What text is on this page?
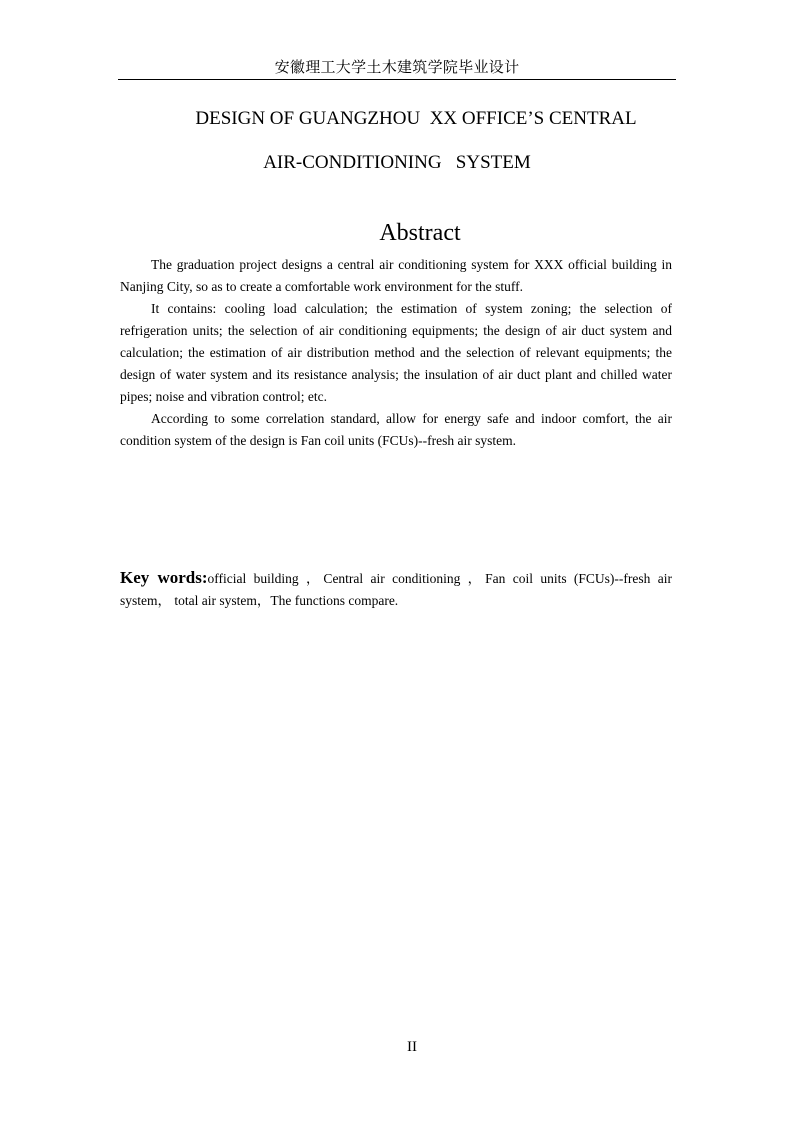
安徽理工大学土木建筑学院毕业设计
DESIGN OF GUANGZHOU  XX OFFICE’S CENTRAL
AIR-CONDITIONING   SYSTEM
Abstract

The graduation project designs a central air conditioning system for XXX official building in Nanjing City, so as to create a comfortable work environment for the stuff.

It contains: cooling load calculation; the estimation of system zoning; the selection of refrigeration units; the selection of air conditioning equipments; the design of air duct system and calculation; the estimation of air distribution method and the selection of relevant equipments; the design of water system and its resistance analysis; the insulation of air duct plant and chilled water pipes; noise and vibration control; etc.

According to some correlation standard, allow for energy safe and indoor comfort, the air condition system of the design is Fan coil units (FCUs)--fresh air system.

Key words:official building ，Central air conditioning ，Fan coil units (FCUs)--fresh air system， total air system，The functions compare.
II
